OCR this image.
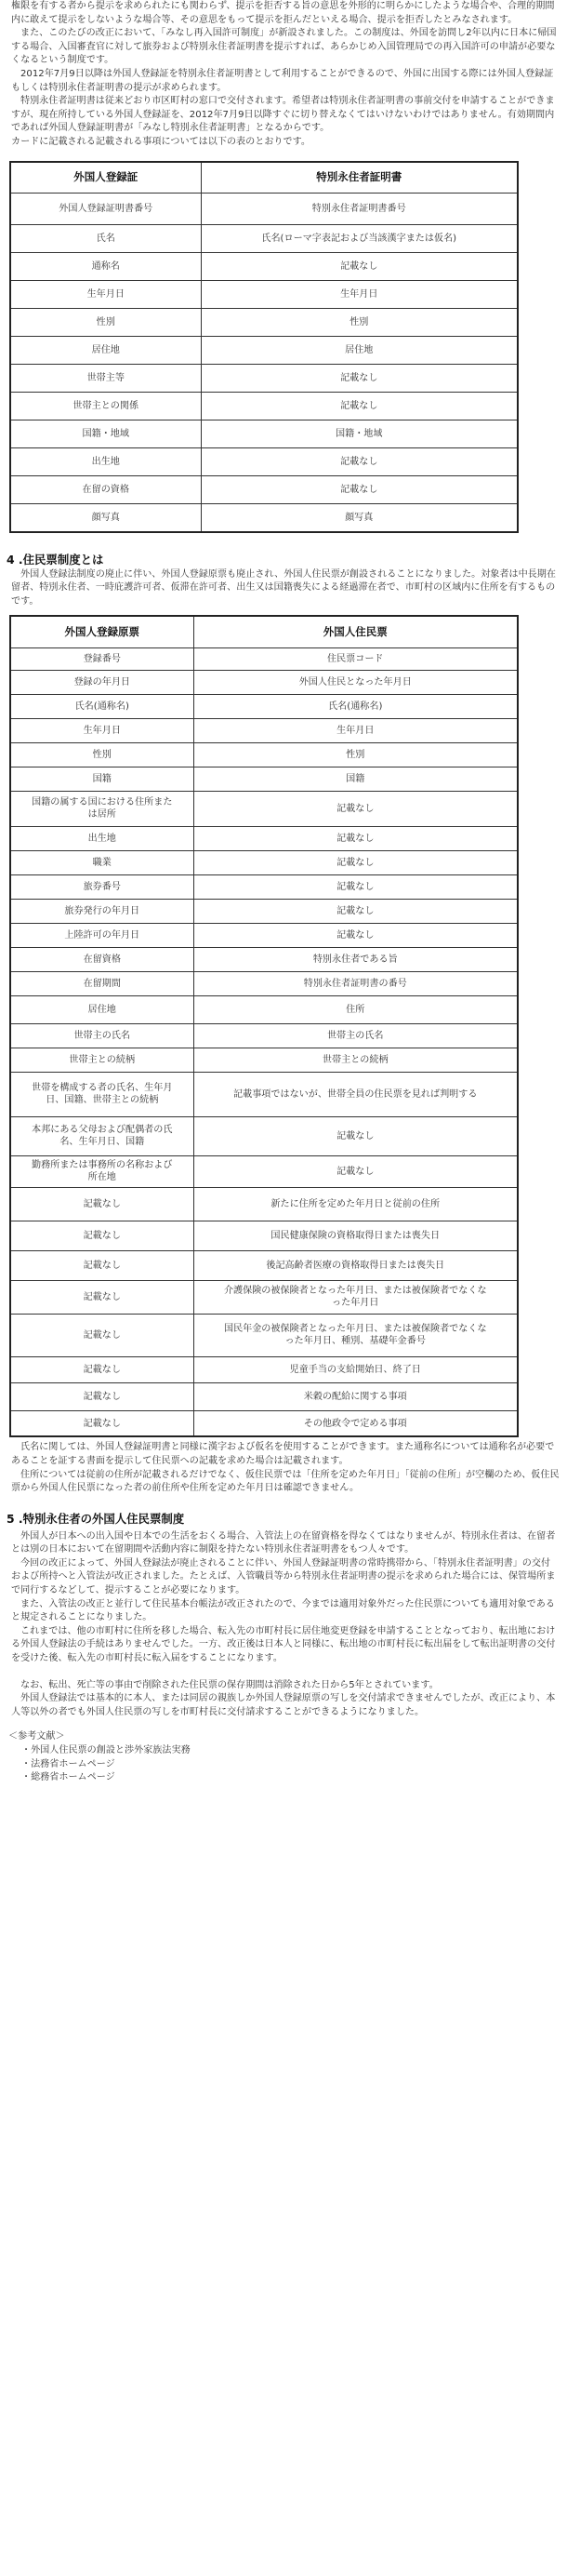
権限を有する者から提示を求められたにも関わらず、提示を拒否する旨の意思を外形的に明らかにしたような場合や、合理的期間内に敢えて提示をしないような場合等、その意思をもって提示を拒んだといえる場合、提示を拒否したとみなされます。

また、このたびの改正において、「みなし再入国許可制度」が新設されました。この制度は、外国を訪問し2年以内に日本に帰国する場合、入国審査官に対して旅券および特別永住者証明書を提示すれば、あらかじめ入国管理局での再入国許可の申請が必要なくなるという制度です。

2012年7月9日以降は外国人登録証を特別永住者証明書として利用することができるので、外国に出国する際には外国人登録証もしくは特別永住者証明書の提示が求められます。

特別永住者証明書は従来どおり市区町村の窓口で交付されます。希望者は特別永住者証明書の事前交付を申請することができますが、現在所持している外国人登録証を、2012年7月9日以降すぐに切り替えなくてはいけないわけではありません。有効期間内であれば外国人登録証明書が「みなし特別永住者証明書」となるからです。

カードに記載される記載される事項については以下の表のとおりです。

外国人登録証	特別永住者証明書
外国人登録証明書番号	特別永住者証明書番号
氏名	氏名(ローマ字表記および当該漢字または仮名)
通称名	記載なし
生年月日	生年月日
性別	性別
居住地	居住地
世帯主等	記載なし
世帯主との関係	記載なし
国籍・地域	国籍・地域
出生地	記載なし
在留の資格	記載なし
顔写真	顔写真
4 .住民票制度とは

外国人登録法制度の廃止に伴い、外国人登録原票も廃止され、外国人住民票が創設されることになりました。対象者は中長期在留者、特別永住者、一時庇護許可者、仮滞在許可者、出生又は国籍喪失による経過滞在者で、市町村の区域内に住所を有するものです。

外国人登録原票	外国人住民票
登録番号	住民票コード
登録の年月日	外国人住民となった年月日
氏名(通称名)	氏名(通称名)
生年月日	生年月日
性別	性別
国籍	国籍
国籍の属する国における住所または居所	記載なし
出生地	記載なし
職業	記載なし
旅券番号	記載なし
旅券発行の年月日	記載なし
上陸許可の年月日	記載なし
在留資格	特別永住者である旨
在留期間	特別永住者証明書の番号
居住地	住所
世帯主の氏名	世帯主の氏名
世帯主との続柄	世帯主との続柄
世帯を構成する者の氏名、生年月日、国籍、世帯主との続柄	記載事項ではないが、世帯全員の住民票を見れば判明する
本邦にある父母および配偶者の氏名、生年月日、国籍	記載なし
勤務所または事務所の名称および所在地	記載なし
記載なし	新たに住所を定めた年月日と従前の住所
記載なし	国民健康保険の資格取得日または喪失日
記載なし	後記高齢者医療の資格取得日または喪失日
記載なし	介護保険の被保険者となった年月日、または被保険者でなくなった年月日
記載なし	国民年金の被保険者となった年月日、または被保険者でなくなった年月日、種別、基礎年金番号
記載なし	児童手当の支給開始日、終了日
記載なし	米穀の配給に関する事項
記載なし	その他政令で定める事項

氏名に関しては、外国人登録証明書と同様に漢字および仮名を使用することができます。また通称名については通称名が必要であることを証する書面を提示して住民票への記載を求めた場合は記載されます。

住所については従前の住所が記載されるだけでなく、仮住民票では「住所を定めた年月日」「従前の住所」が空欄のため、仮住民票から外国人住民票になった者の前住所や住所を定めた年月日は確認できません。

5 .特別永住者の外国人住民票制度

外国人が日本への出入国や日本での生活をおくる場合、入管法上の在留資格を得なくてはなりませんが、特別永住者は、在留者とは別の日本において在留期間や活動内容に制限を持たない特別永住者証明書をもつ人々です。

今回の改正によって、外国人登録法が廃止されることに伴い、外国人登録証明書の常時携帯から、「特別永住者証明書」の交付および所持へと入管法が改正されました。たとえば、入管職員等から特別永住者証明書の提示を求められた場合には、保管場所まで同行するなどして、提示することが必要になります。

また、入管法の改正と並行して住民基本台帳法が改正されたので、今までは適用対象外だった住民票についても適用対象であると規定されることになりました。

これまでは、他の市町村に住所を移した場合、転入先の市町村長に居住地変更登録を申請することとなっており、転出地における外国人登録法の手続はありませんでした。一方、改正後は日本人と同様に、転出地の市町村長に転出届をして転出証明書の交付を受けた後、転入先の市町村長に転入届をすることになります。

なお、転出、死亡等の事由で削除された住民票の保存期間は消除された日から5年とされています。

外国人登録法では基本的に本人、または同居の親族しか外国人登録原票の写しを交付請求できませんでしたが、改正により、本人等以外の者でも外国人住民票の写しを市町村長に交付請求することができるようになりました。

＜参考文献＞
・ 外国人住民票の創設と渉外家族法実務
・ 法務省ホームページ
・ 総務省ホームページ
